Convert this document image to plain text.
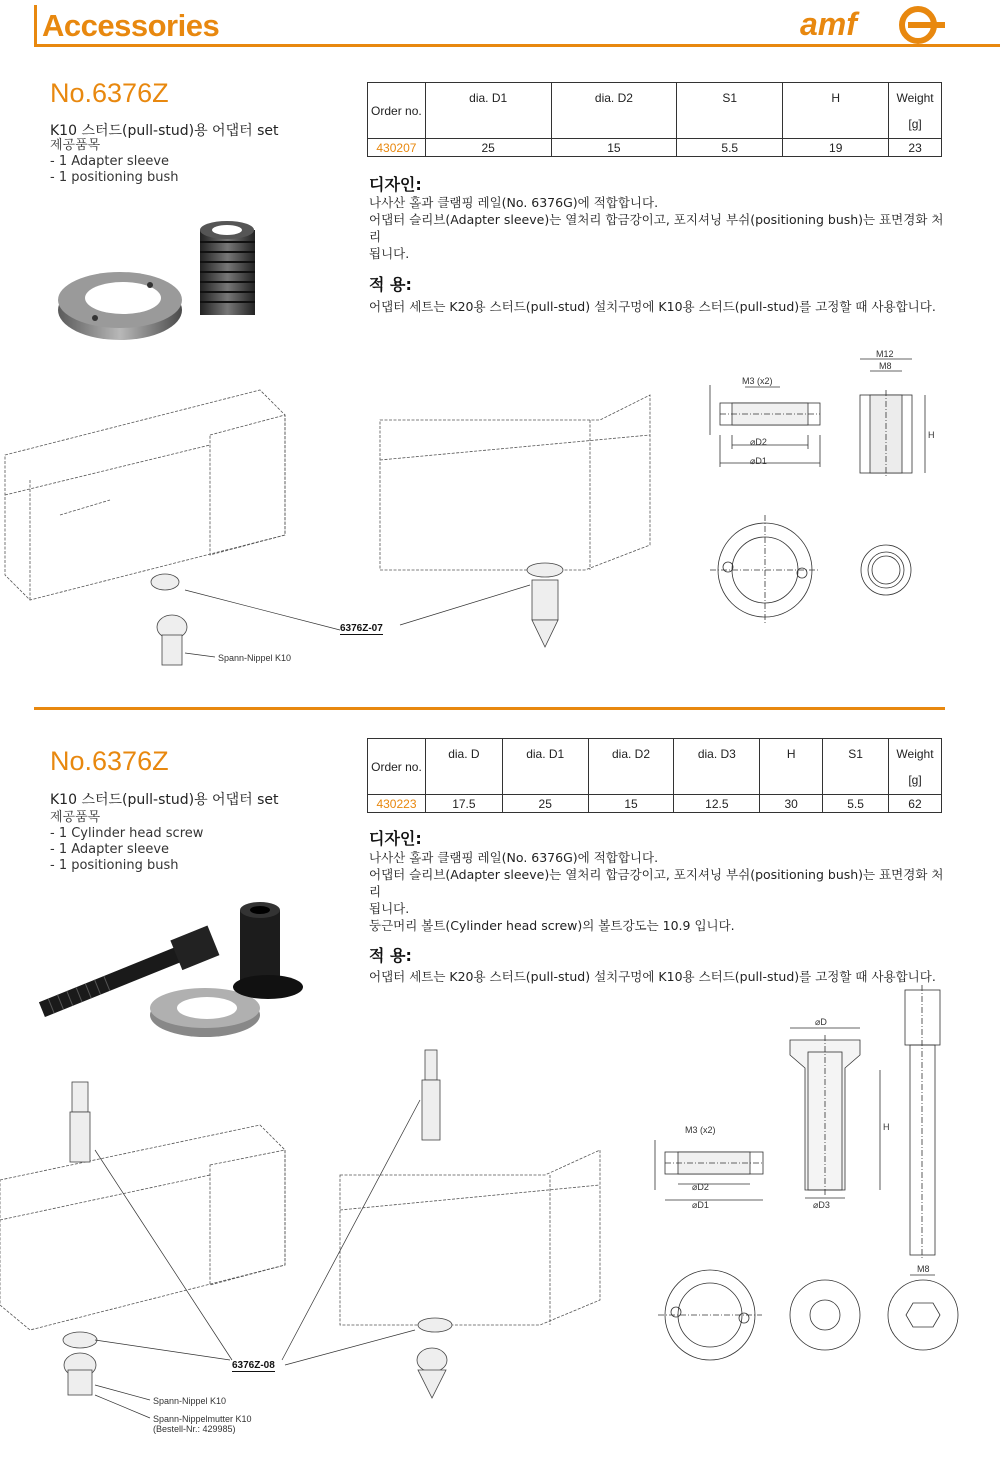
Accessories	amf
No.6376Z
K10 스터드(pull-stud)용 어댑터 set
제공품목
- 1 Adapter sleeve
- 1 positioning bush
Order no.	dia. D1	dia. D2	S1	H	Weight
[g]

430207	25	15	5.5	19	23
디자인:
나사산 홀과 클램핑 레일(No. 6376G)에 적합합니다.
어댑터 슬리브(Adapter sleeve)는 열처리 합금강이고, 포지셔닝 부쉬(positioning bush)는 표면경화 처리
됩니다.
적 용:
어댑터 세트는 K20용 스터드(pull-stud) 설치구멍에 K10용 스터드(pull-stud)를 고정할 때 사용합니다.
M3 (x2)
⌀D2
⌀D1
M12
M8
H
6376Z-07
Spann-Nippel K10
No.6376Z
K10 스터드(pull-stud)용 어댑터 set
제공품목
- 1 Cylinder head screw
- 1 Adapter sleeve
- 1 positioning bush
Order no.	dia. D	dia. D1	dia. D2	dia. D3	H	S1	Weight
[g]

430223	17.5	25	15	12.5	30	5.5	62
디자인:
나사산 홀과 클램핑 레일(No. 6376G)에 적합합니다.
어댑터 슬리브(Adapter sleeve)는 열처리 합금강이고, 포지셔닝 부쉬(positioning bush)는 표면경화 처리
됩니다.
둥근머리 볼트(Cylinder head screw)의 볼트강도는 10.9 입니다.
적 용:
어댑터 세트는 K20용 스터드(pull-stud) 설치구멍에 K10용 스터드(pull-stud)를 고정할 때 사용합니다.
M3 (x2)
⌀D2
⌀D1
⌀D
⌀D3
H
M8
6376Z-08
Spann-Nippel K10
Spann-Nippelmutter K10
(Bestell-Nr.: 429985)
